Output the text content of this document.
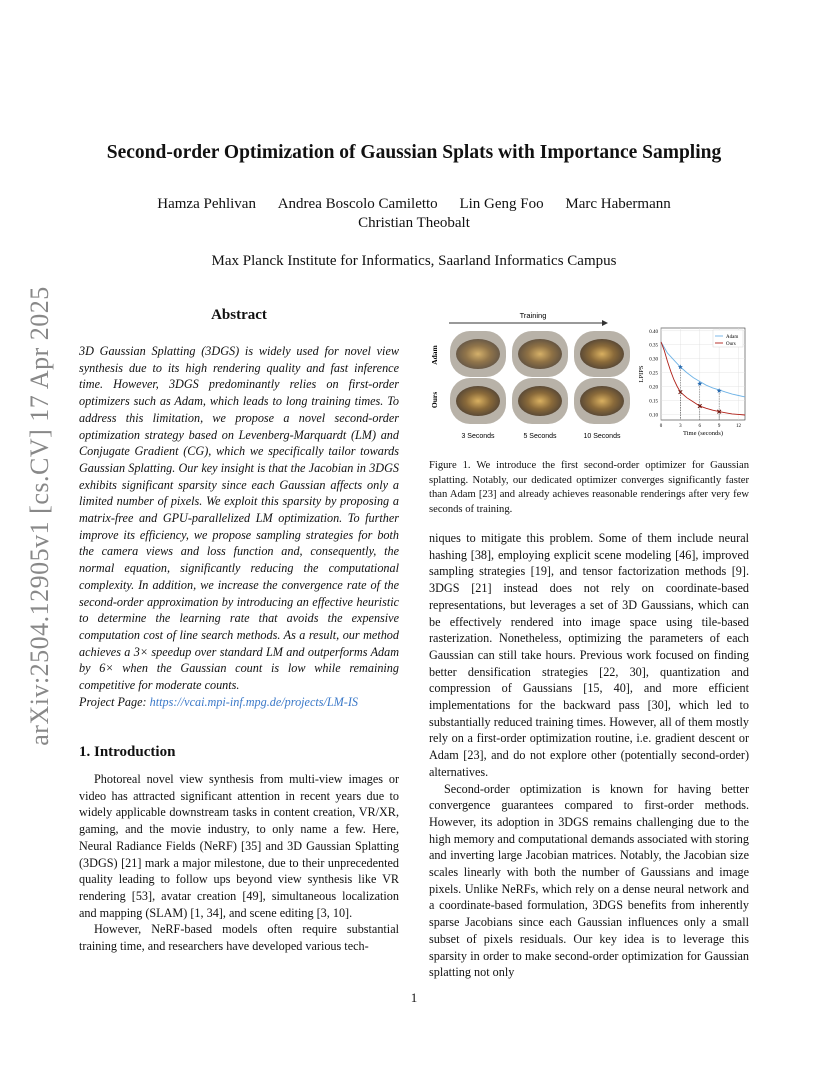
arXiv:2504.12905v1 [cs.CV] 17 Apr 2025
Second-order Optimization of Gaussian Splats with Importance Sampling
Hamza Pehlivan Andrea Boscolo Camiletto Lin Geng Foo Marc Habermann
Christian Theobalt
Max Planck Institute for Informatics, Saarland Informatics Campus
Abstract
3D Gaussian Splatting (3DGS) is widely used for novel view synthesis due to its high rendering quality and fast inference time. However, 3DGS predominantly relies on first-order optimizers such as Adam, which leads to long training times. To address this limitation, we propose a novel second-order optimization strategy based on Levenberg-Marquardt (LM) and Conjugate Gradient (CG), which we specifically tailor towards Gaussian Splatting. Our key insight is that the Jacobian in 3DGS exhibits significant sparsity since each Gaussian affects only a limited number of pixels. We exploit this sparsity by proposing a matrix-free and GPU-parallelized LM optimization. To further improve its efficiency, we propose sampling strategies for both the camera views and loss function and, consequently, the normal equation, significantly reducing the computational complexity. In addition, we increase the convergence rate of the second-order approximation by introducing an effective heuristic to determine the learning rate that avoids the expensive computation cost of line search methods. As a result, our method achieves a 3× speedup over standard LM and outperforms Adam by 6× when the Gaussian count is low while remaining competitive for moderate counts.
Project Page: https://vcai.mpi-inf.mpg.de/projects/LM-IS
1. Introduction

Photoreal novel view synthesis from multi-view images or video has attracted significant attention in recent years due to widely applicable downstream tasks in content creation, VR/XR, gaming, and the movie industry, to only name a few. Here, Neural Radiance Fields (NeRF) [35] and 3D Gaussian Splatting (3DGS) [21] mark a major milestone, due to their unprecedented quality leading to follow ups beyond view synthesis like VR rendering [53], avatar creation [49], simultaneous localization and mapping (SLAM) [1, 34], and scene editing [3, 10].

However, NeRF-based models often require substantial training time, and researchers have developed various tech-

Training
Adam
Ours
3 Seconds	5 Seconds	10 Seconds
0.10
0.15
0.20
0.25
0.30
0.35
0.40
0	3	6	9	12
Time (seconds)
LPIPS
Adam
Ours
Figure 1. We introduce the first second-order optimizer for Gaussian splatting. Notably, our dedicated optimizer converges significantly faster than Adam [23] and already achieves reasonable renderings after very few seconds of training.

niques to mitigate this problem. Some of them include neural hashing [38], employing explicit scene modeling [46], improved sampling strategies [19], and tensor factorization methods [9]. 3DGS [21] instead does not rely on coordinate-based representations, but leverages a set of 3D Gaussians, which can be effectively rendered into image space using tile-based rasterization. Nonetheless, optimizing the parameters of each Gaussian can still take hours. Previous work focused on finding better densification strategies [22, 30], quantization and compression of Gaussians [15, 40], and more efficient implementations for the backward pass [30], which led to substantially reduced training times. However, all of them mostly rely on a first-order optimization routine, i.e. gradient descent or Adam [23], and do not explore other (potentially second-order) alternatives.

Second-order optimization is known for having better convergence guarantees compared to first-order methods. However, its adoption in 3DGS remains challenging due to the high memory and computational demands associated with storing and inverting large Jacobian matrices. Notably, the Jacobian size scales linearly with both the number of Gaussians and image pixels. Unlike NeRFs, which rely on a dense neural network and a coordinate-based formulation, 3DGS benefits from inherently sparse Jacobians since each Gaussian influences only a small subset of pixels residuals. Our key idea is to leverage this sparsity in order to make second-order optimization for Gaussian splatting not only

1
